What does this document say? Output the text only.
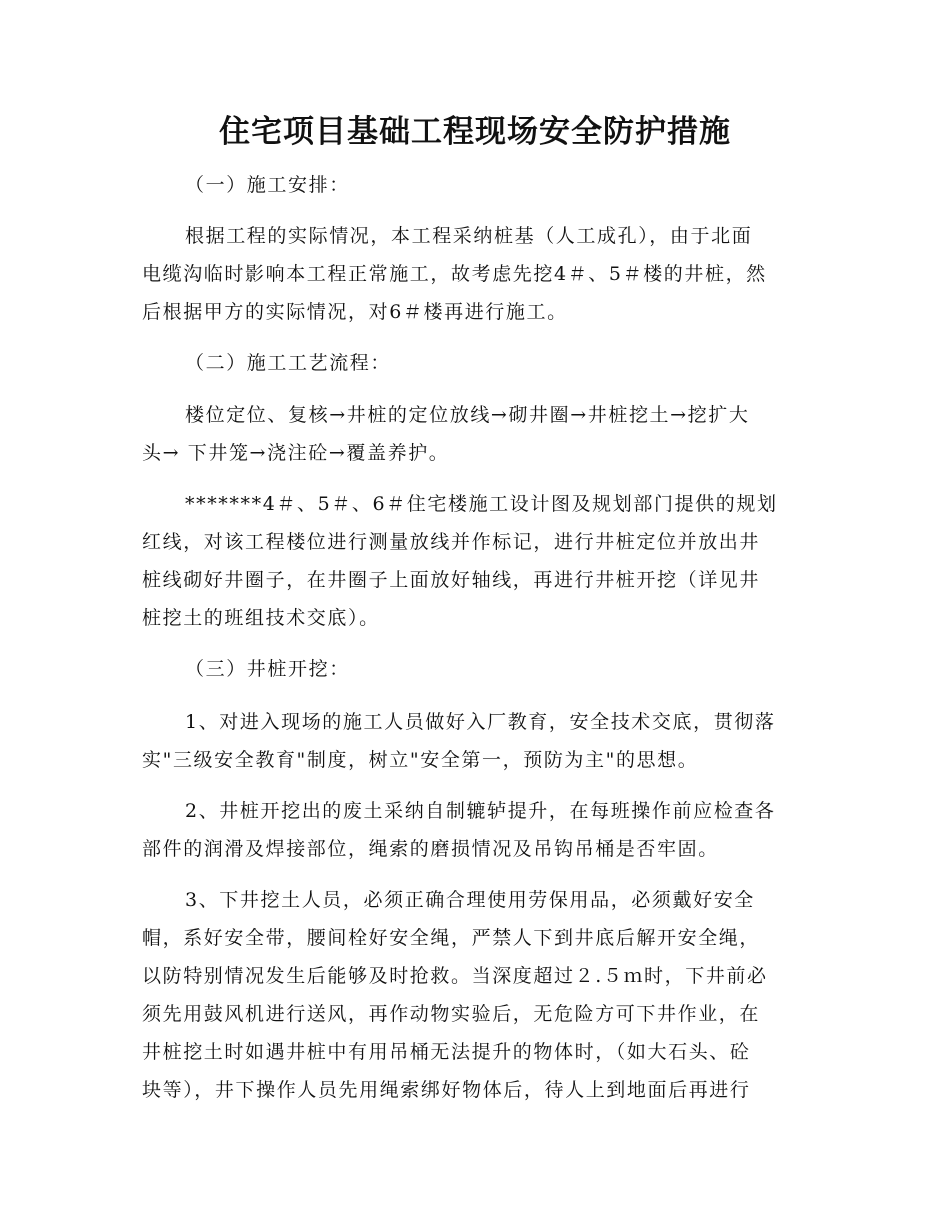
住宅项目基础工程现场安全防护措施

（一）施工安排：

根据工程的实际情况，本工程采纳桩基（人工成孔），由于北面

电缆沟临时影响本工程正常施工，故考虑先挖4＃、5＃楼的井桩，然

后根据甲方的实际情况，对6＃楼再进行施工。

（二）施工工艺流程：

楼位定位、复核→井桩的定位放线→砌井圈→井桩挖土→挖扩大

头→ 下井笼→浇注砼→覆盖养护。

*******4＃、5＃、6＃住宅楼施工设计图及规划部门提供的规划

红线，对该工程楼位进行测量放线并作标记，进行井桩定位并放出井

桩线砌好井圈子，在井圈子上面放好轴线，再进行井桩开挖（详见井

桩挖土的班组技术交底）。

（三）井桩开挖：

1、对进入现场的施工人员做好入厂教育，安全技术交底，贯彻落

实"三级安全教育"制度，树立"安全第一，预防为主"的思想。

2、井桩开挖出的废土采纳自制辘轳提升，在每班操作前应检查各

部件的润滑及焊接部位，绳索的磨损情况及吊钩吊桶是否牢固。

3、下井挖土人员，必须正确合理使用劳保用品，必须戴好安全

帽，系好安全带，腰间栓好安全绳，严禁人下到井底后解开安全绳，

以防特别情况发生后能够及时抢救。当深度超过２.５ｍ时，下井前必

须先用鼓风机进行送风，再作动物实验后，无危险方可下井作业，在

井桩挖土时如遇井桩中有用吊桶无法提升的物体时，（如大石头、砼

块等），井下操作人员先用绳索绑好物体后，待人上到地面后再进行
